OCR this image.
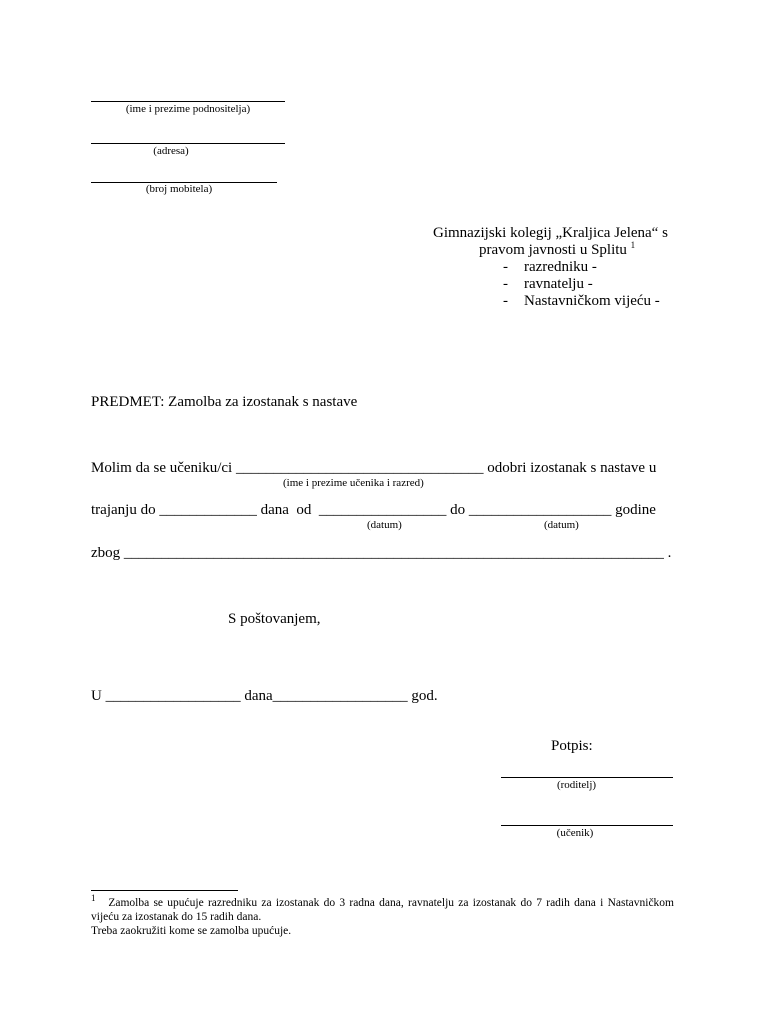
(ime i prezime podnositelja)
(adresa)
(broj mobitela)
Gimnazijski kolegij „Kraljica Jelena“ s
pravom javnosti u Splitu $^1$
- razredniku -
- ravnatelju -
- Nastavničkom vijeću -
PREDMET: Zamolba za izostanak s nastave
Molim da se učeniku/ci _________________________________ odobri izostanak s nastave u
(ime i prezime učenika i razred)
trajanju do _____________ dana  od  _________________ do ___________________ godine
(datum)	(datum)
zbog ________________________________________________________________________ .
S poštovanjem,
U __________________ dana__________________ god.
Potpis:
(roditelj)
(učenik)
$^1$ Zamolba se upućuje razredniku za izostanak do 3 radna dana, ravnatelju za izostanak do 7 radih dana i Nastavničkom vijeću za izostanak do 15 radih dana.
Treba zaokružiti kome se zamolba upućuje.
